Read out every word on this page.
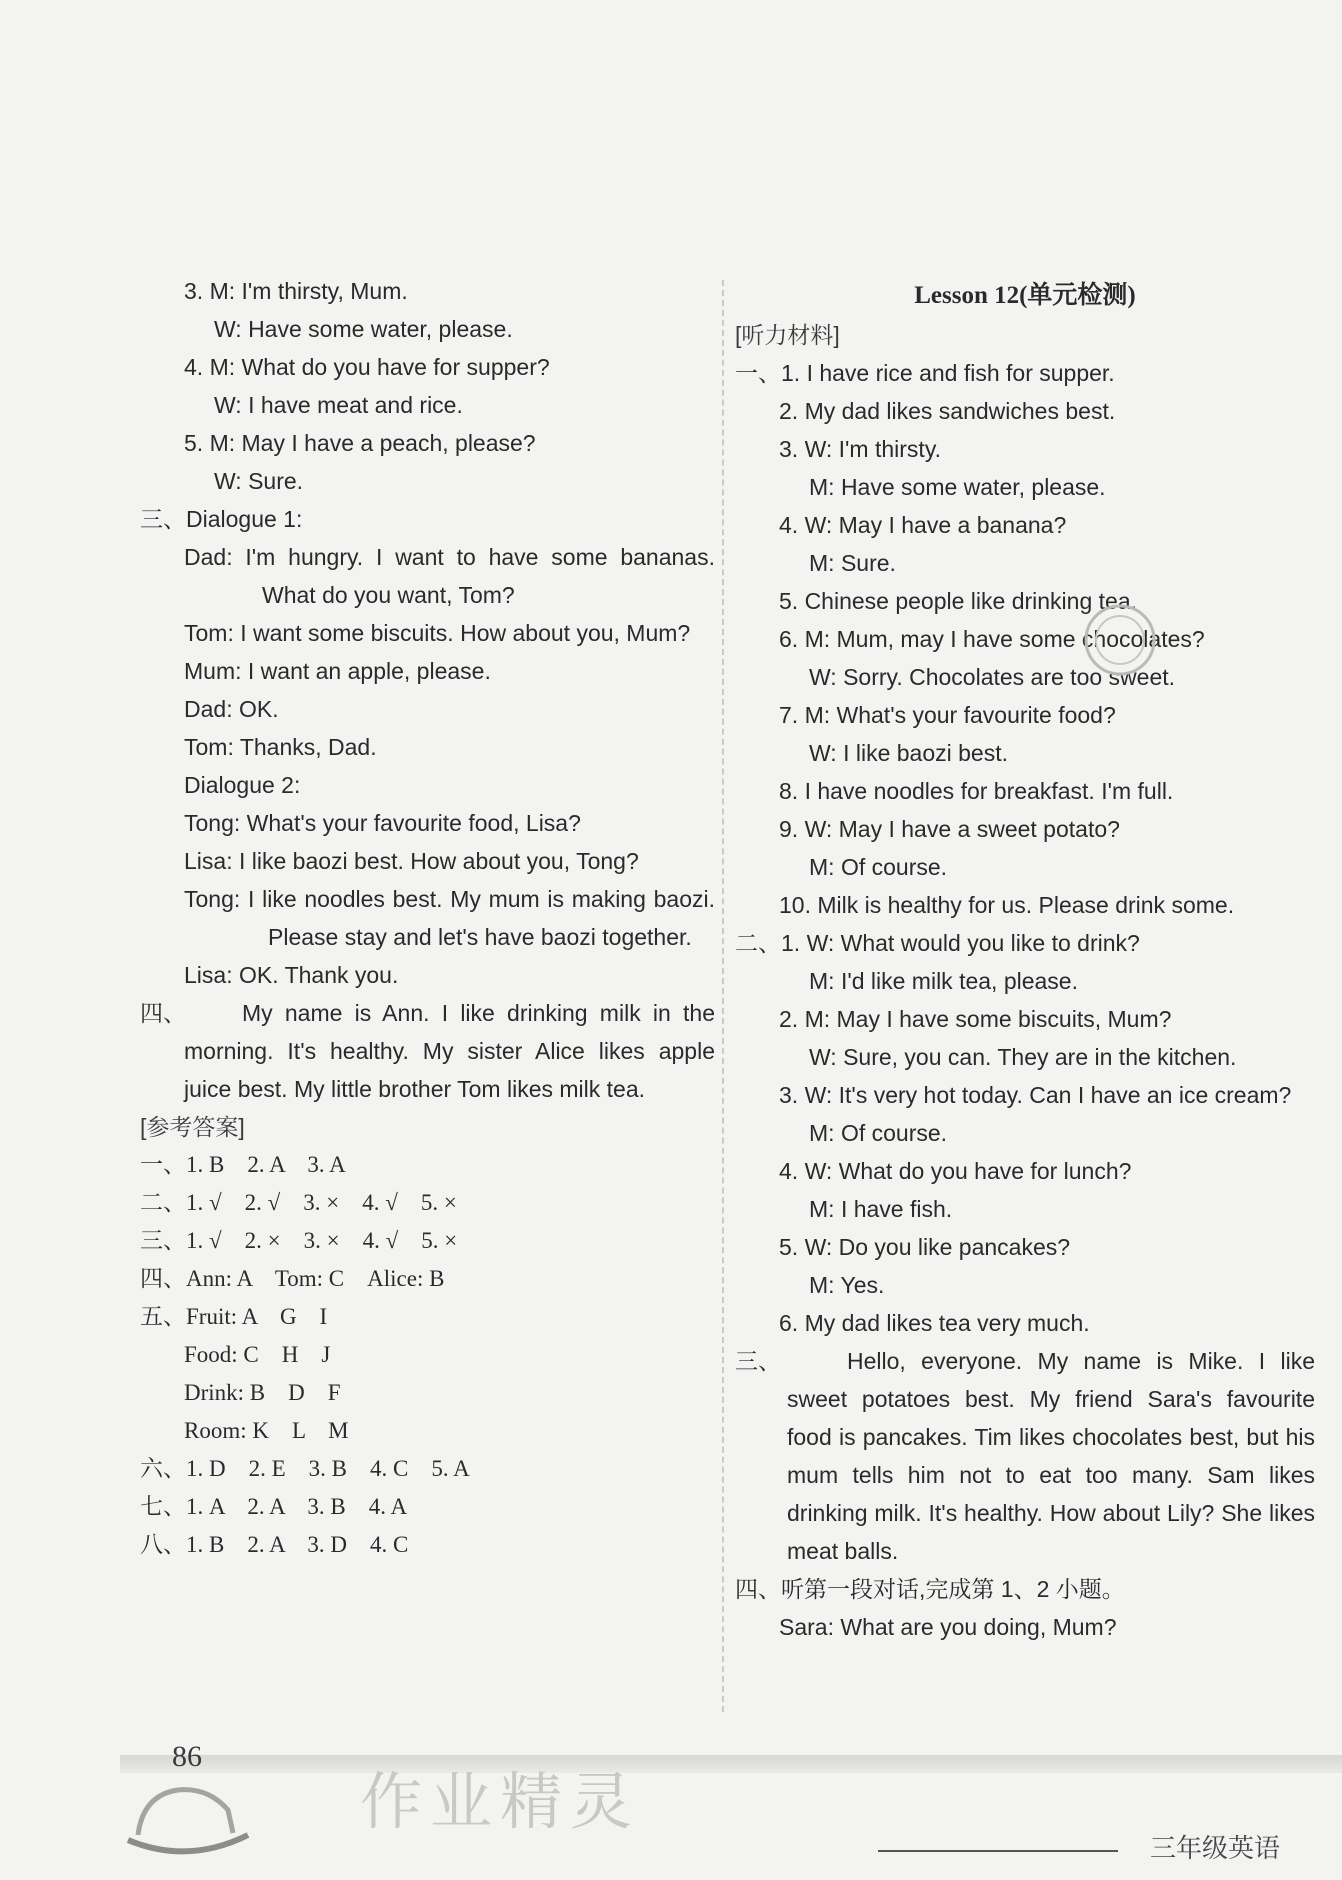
3. M: I'm thirsty, Mum.
W: Have some water, please.
4. M: What do you have for supper?
W: I have meat and rice.
5. M: May I have a peach, please?
W: Sure.
三、Dialogue 1:
Dad: I'm hungry. I want to have some bananas. What do you want, Tom?
Tom: I want some biscuits. How about you, Mum?
Mum: I want an apple, please.
Dad: OK.
Tom: Thanks, Dad.
Dialogue 2:
Tong: What's your favourite food, Lisa?
Lisa: I like baozi best. How about you, Tong?
Tong: I like noodles best. My mum is making baozi. Please stay and let's have baozi together.
Lisa: OK. Thank you.
四、	My name is Ann. I like drinking milk in the morning. It's healthy. My sister Alice likes apple juice best. My little brother Tom likes milk tea.
[参考答案]
一、1. B　2. A　3. A
二、1. √　2. √　3. ×　4. √　5. ×
三、1. √　2. ×　3. ×　4. √　5. ×
四、Ann: A　Tom: C　Alice: B
五、Fruit: A　G　I
Food: C　H　J
Drink: B　D　F
Room: K　L　M
六、1. D　2. E　3. B　4. C　5. A
七、1. A　2. A　3. B　4. A
八、1. B　2. A　3. D　4. C
Lesson 12(单元检测)
[听力材料]
一、1. I have rice and fish for supper.
2. My dad likes sandwiches best.
3. W: I'm thirsty.
M: Have some water, please.
4. W: May I have a banana?
M: Sure.
5. Chinese people like drinking tea.
6. M: Mum, may I have some chocolates?
W: Sorry. Chocolates are too sweet.
7. M: What's your favourite food?
W: I like baozi best.
8. I have noodles for breakfast. I'm full.
9. W: May I have a sweet potato?
M: Of course.
10. Milk is healthy for us. Please drink some.
二、1. W: What would you like to drink?
M: I'd like milk tea, please.
2. M: May I have some biscuits, Mum?
W: Sure, you can. They are in the kitchen.
3. W: It's very hot today. Can I have an ice cream?
M: Of course.
4. W: What do you have for lunch?
M: I have fish.
5. W: Do you like pancakes?
M: Yes.
6. My dad likes tea very much.
三、	Hello, everyone. My name is Mike. I like sweet potatoes best. My friend Sara's favourite food is pancakes. Tim likes chocolates best, but his mum tells him not to eat too many. Sam likes drinking milk. It's healthy. How about Lily? She likes meat balls.
四、听第一段对话,完成第 1、2 小题。
Sara: What are you doing, Mum?
86
作业精灵
三年级英语
